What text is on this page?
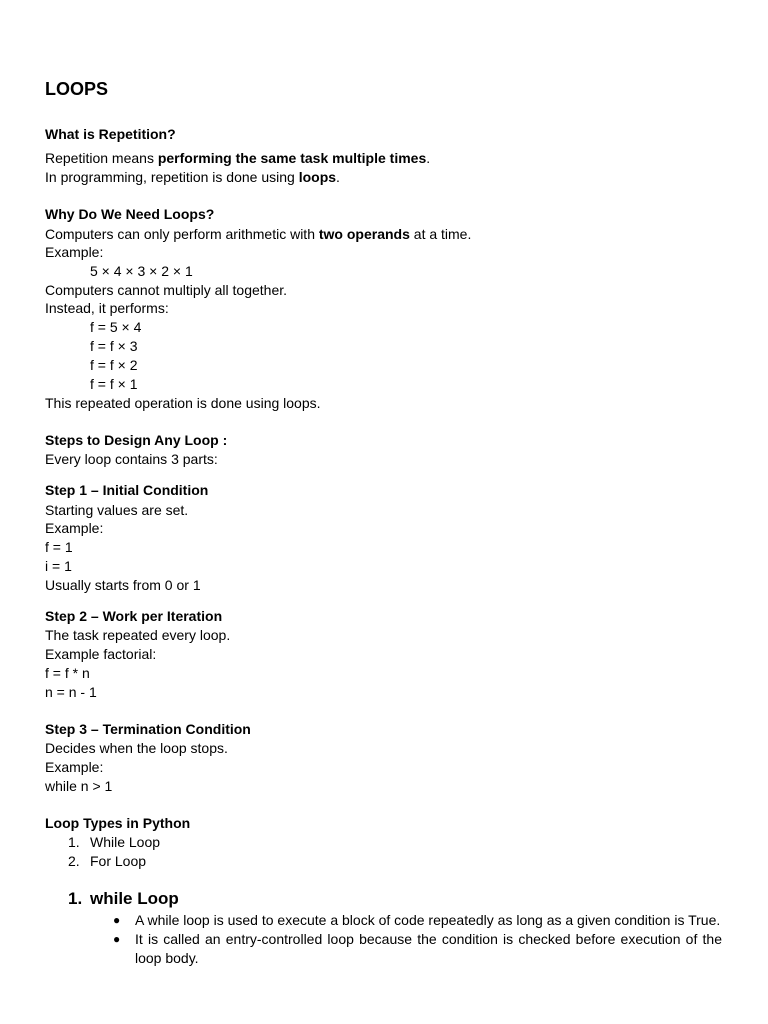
LOOPS
What is Repetition?
Repetition means performing the same task multiple times.
In programming, repetition is done using loops.
Why Do We Need Loops?
Computers can only perform arithmetic with two operands at a time.
Example:
5 × 4 × 3 × 2 × 1
Computers cannot multiply all together.
Instead, it performs:
f = 5 × 4
f = f × 3
f = f × 2
f = f × 1
This repeated operation is done using loops.
Steps to Design Any Loop :
Every loop contains 3 parts:
Step 1 – Initial Condition
Starting values are set.
Example:
f = 1
i = 1
Usually starts from 0 or 1
Step 2 – Work per Iteration
The task repeated every loop.
Example factorial:
f = f * n
n = n - 1
Step 3 – Termination Condition
Decides when the loop stops.
Example:
while n > 1
Loop Types in Python
1. While Loop
2. For Loop
1. while Loop
● A while loop is used to execute a block of code repeatedly as long as a given condition is True.
● It is called an entry-controlled loop because the condition is checked before execution of the loop body.
